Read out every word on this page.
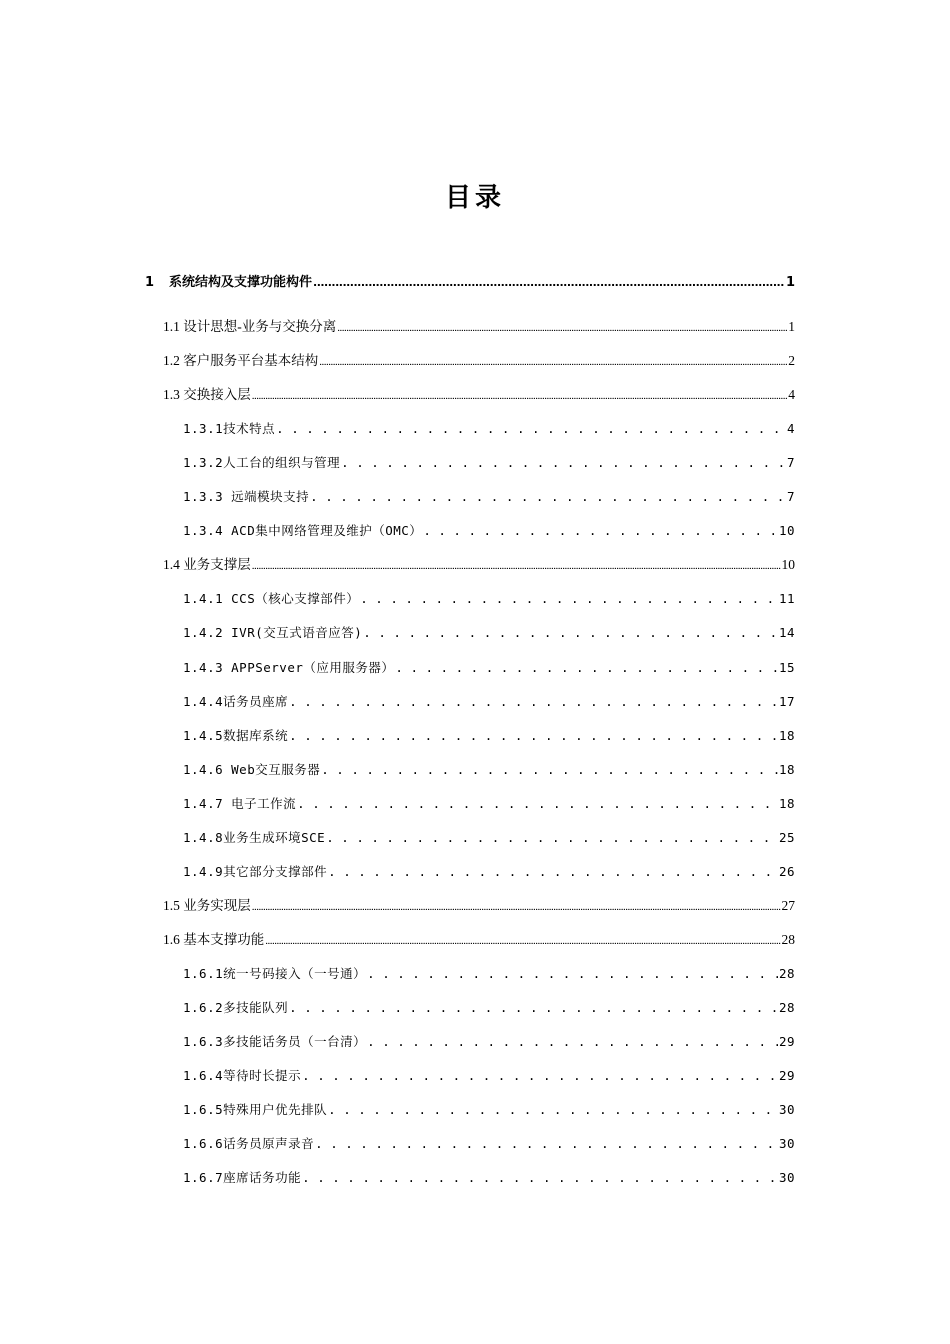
目录
1	系统结构及支撑功能构件 .....	1
1.1 设计思想-业务与交换分离 .....	1
1.2 客户服务平台基本结构 .....	2
1.3 交换接入层 .....	4
1.3.1技术特点 . . .	4
1.3.2人工台的组织与管理 . . .	7
1.3.3 远端模块支持 . . .	7
1.3.4 ACD集中网络管理及维护（OMC） . . .	10
1.4 业务支撑层 .....	10
1.4.1 CCS（核心支撑部件） . . .	11
1.4.2 IVR(交互式语音应答) . . .	14
1.4.3 APPServer（应用服务器） . . .	15
1.4.4话务员座席 . . .	17
1.4.5数据库系统 . . .	18
1.4.6 Web交互服务器 . . .	18
1.4.7 电子工作流 . . .	18
1.4.8业务生成环境SCE . . .	25
1.4.9其它部分支撑部件 . . .	26
1.5 业务实现层 .....	27
1.6 基本支撑功能 .....	28
1.6.1统一号码接入（一号通） . . .	28
1.6.2多技能队列 . . .	28
1.6.3多技能话务员（一台清） . . .	29
1.6.4等待时长提示 . . .	29
1.6.5特殊用户优先排队 . . .	30
1.6.6话务员原声录音 . . .	30
1.6.7座席话务功能 . . .	30
